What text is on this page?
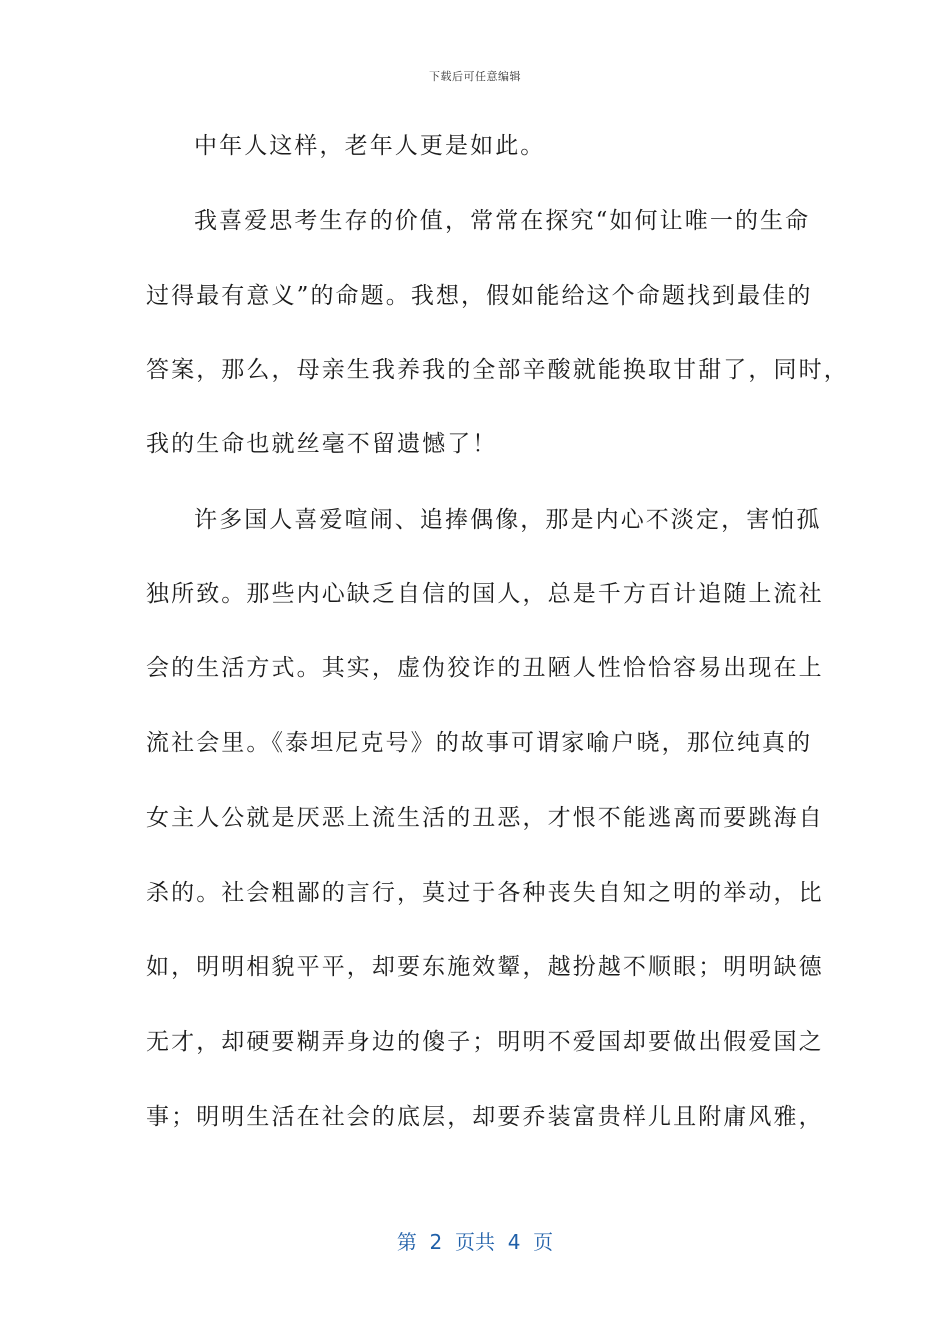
下载后可任意编辑
中年人这样，老年人更是如此。
我喜爱思考生存的价值，常常在探究“如何让唯一的生命
过得最有意义”的命题。我想，假如能给这个命题找到最佳的
答案，那么，母亲生我养我的全部辛酸就能换取甘甜了，同时，
我的生命也就丝毫不留遗憾了！
许多国人喜爱喧闹、追捧偶像，那是内心不淡定，害怕孤
独所致。那些内心缺乏自信的国人，总是千方百计追随上流社
会的生活方式。其实，虚伪狡诈的丑陋人性恰恰容易出现在上
流社会里。《泰坦尼克号》的故事可谓家喻户晓，那位纯真的
女主人公就是厌恶上流生活的丑恶，才恨不能逃离而要跳海自
杀的。社会粗鄙的言行，莫过于各种丧失自知之明的举动，比
如，明明相貌平平，却要东施效颦，越扮越不顺眼；明明缺德
无才，却硬要糊弄身边的傻子；明明不爱国却要做出假爱国之
事；明明生活在社会的底层，却要乔装富贵样儿且附庸风雅，
第  2  页共  4  页
